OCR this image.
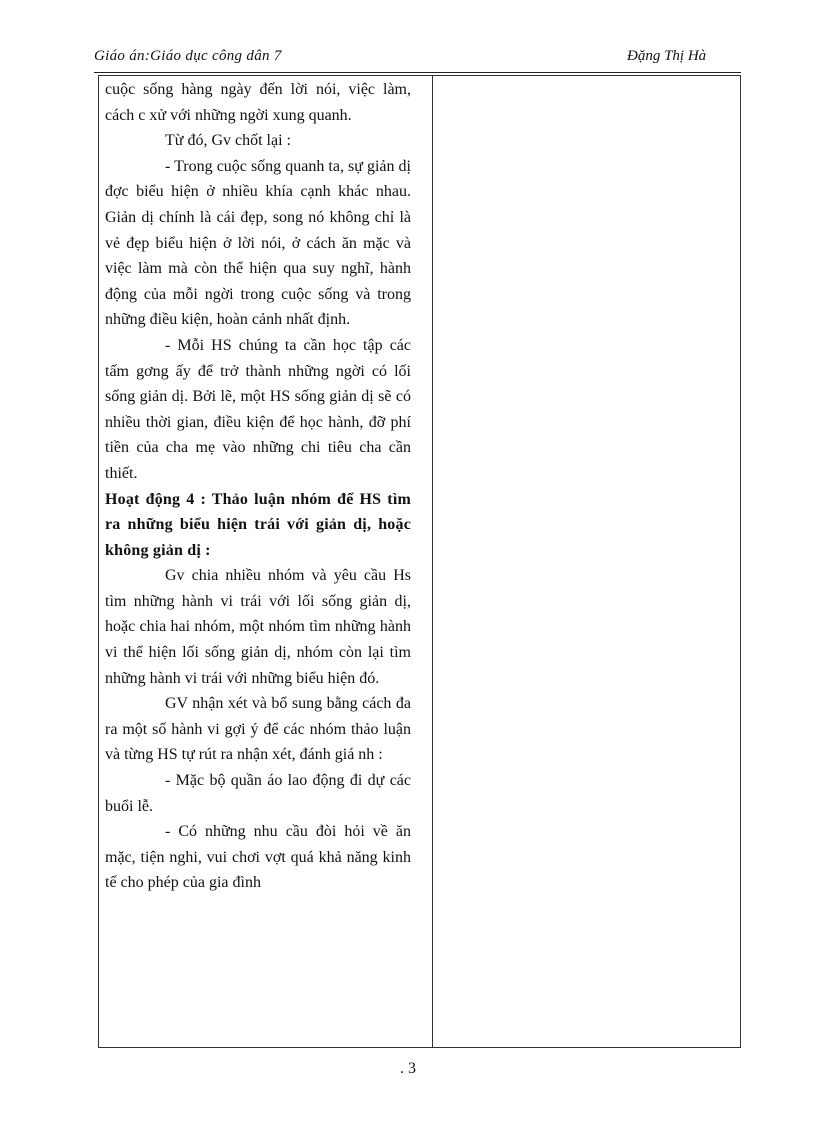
Giáo án:Giáo dục công dân 7	Đặng Thị Hà

cuộc sống hàng ngày đến lời nói, việc làm, cách c xử với những ngời xung quanh.

Từ đó, Gv chốt lại :

- Trong cuộc sống quanh ta, sự giản dị đợc biểu hiện ở nhiều khía cạnh khác nhau. Giản dị chính là cái đẹp, song nó không chỉ là vẻ đẹp biểu hiện ở lời nói, ở cách ăn mặc và việc làm mà còn thể hiện qua suy nghĩ, hành động của mỗi ngời trong cuộc sống và trong những điều kiện, hoàn cảnh nhất định.

- Mỗi HS chúng ta cần học tập các tấm gơng ấy để trở thành những ngời có lối sống giản dị. Bởi lẽ, một HS sống giản dị sẽ có nhiều thời gian, điều kiện để học hành, đỡ phí tiền của cha mẹ vào những chi tiêu cha cần thiết.

Hoạt động 4 : Thảo luận nhóm để HS tìm ra những biểu hiện trái với giản dị, hoặc không giản dị :

Gv chia nhiều nhóm và yêu cầu Hs tìm những hành vi trái với lối sống giản dị, hoặc chia hai nhóm, một nhóm tìm những hành vi thể hiện lối sống giản dị, nhóm còn lại tìm những hành vi trái với những biểu hiện đó.

GV nhận xét và bổ sung bằng cách đa ra một số hành vi gợi ý để các nhóm thảo luận và từng HS tự rút ra nhận xét, đánh giá nh :

- Mặc bộ quần áo lao động đi dự các buổi lễ.

- Có những nhu cầu đòi hỏi về ăn mặc, tiện nghi, vui chơi vợt quá khả năng kinh tế cho phép của gia đình

. 3
